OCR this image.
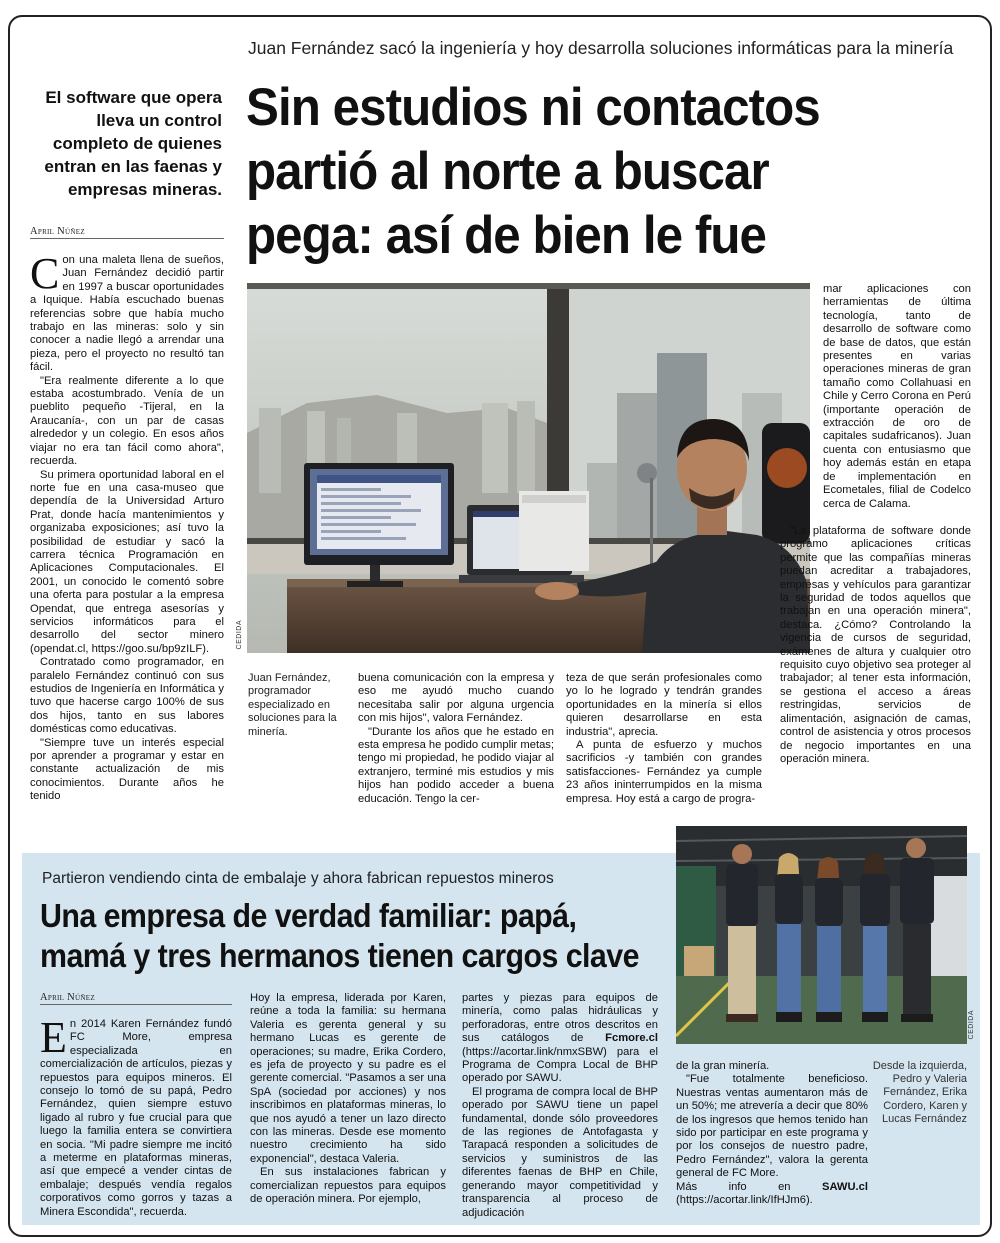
Juan Fernández sacó la ingeniería y hoy desarrolla soluciones informáticas para la minería
Sin estudios ni contactos
partió al norte a buscar
pega: así de bien le fue
El software que opera lleva un control completo de quienes entran en las faenas y empresas mineras.
April Núñez

Con una maleta llena de sueños, Juan Fernández decidió partir en 1997 a buscar oportunidades a Iquique. Había escuchado buenas referencias sobre que había mucho trabajo en las mineras: solo y sin conocer a nadie llegó a arrendar una pieza, pero el proyecto no resultó tan fácil.

"Era realmente diferente a lo que estaba acostumbrado. Venía de un pueblito pequeño -Tijeral, en la Araucanía-, con un par de casas alrededor y un colegio. En esos años viajar no era tan fácil como ahora", recuerda.

Su primera oportunidad laboral en el norte fue en una casa-museo que dependía de la Universidad Arturo Prat, donde hacía mantenimientos y organizaba exposiciones; así tuvo la posibilidad de estudiar y sacó la carrera técnica Programación en Aplicaciones Computacionales. El 2001, un conocido le comentó sobre una oferta para postular a la empresa Opendat, que entrega asesorías y servicios informáticos para el desarrollo del sector minero (opendat.cl, https://goo.su/bp9zILF).

Contratado como programador, en paralelo Fernández continuó con sus estudios de Ingeniería en Informática y tuvo que hacerse cargo 100% de sus dos hijos, tanto en sus labores domésticas como educativas.

"Siempre tuve un interés especial por aprender a programar y estar en constante actualización de mis conocimientos. Durante años he tenido

CEDIDA
Juan Fernández, programador especializado en soluciones para la minería.

buena comunicación con la empresa y eso me ayudó mucho cuando necesitaba salir por alguna urgencia con mis hijos", valora Fernández.

"Durante los años que he estado en esta empresa he podido cumplir metas; tengo mi propiedad, he podido viajar al extranjero, terminé mis estudios y mis hijos han podido acceder a buena educación. Tengo la cer-

teza de que serán profesionales como yo lo he logrado y tendrán grandes oportunidades en la minería si ellos quieren desarrollarse en esta industria", aprecia.

A punta de esfuerzo y muchos sacrificios -y también con grandes satisfacciones- Fernández ya cumple 23 años ininterrumpidos en la misma empresa. Hoy está a cargo de progra-

mar aplicaciones con herramientas de última tecnología, tanto de desarrollo de software como de base de datos, que están presentes en varias operaciones mineras de gran tamaño como Collahuasi en Chile y Cerro Corona en Perú (importante operación de extracción de oro de capitales sudafricanos). Juan cuenta con entusiasmo que hoy además están en etapa de implementación en Ecometales, filial de Codelco cerca de Calama.

"La plataforma de software donde programo aplicaciones críticas permite que las compañías mineras puedan acreditar a trabajadores, empresas y vehículos para garantizar la seguridad de todos aquellos que trabajan en una operación minera", destaca. ¿Cómo? Controlando la vigencia de cursos de seguridad, exámenes de altura y cualquier otro requisito cuyo objetivo sea proteger al trabajador; al tener esta información, se gestiona el acceso a áreas restringidas, servicios de alimentación, asignación de camas, control de asistencia y otros procesos de negocio importantes en una operación minera.

CEDIDA
Partieron vendiendo cinta de embalaje y ahora fabrican repuestos mineros
Una empresa de verdad familiar: papá,
mamá y tres hermanos tienen cargos clave
April Núñez

En 2014 Karen Fernández fundó FC More, empresa especializada en comercialización de artículos, piezas y repuestos para equipos mineros. El consejo lo tomó de su papá, Pedro Fernández, quien siempre estuvo ligado al rubro y fue crucial para que luego la familia entera se convirtiera en socia. "Mi padre siempre me incitó a meterme en plataformas mineras, así que empecé a vender cintas de embalaje; después vendía regalos corporativos como gorros y tazas a Minera Escondida", recuerda.

Hoy la empresa, liderada por Karen, reúne a toda la familia: su hermana Valeria es gerenta general y su hermano Lucas es gerente de operaciones; su madre, Erika Cordero, es jefa de proyecto y su padre es el gerente comercial. "Pasamos a ser una SpA (sociedad por acciones) y nos inscribimos en plataformas mineras, lo que nos ayudó a tener un lazo directo con las mineras. Desde ese momento nuestro crecimiento ha sido exponencial", destaca Valeria.

En sus instalaciones fabrican y comercializan repuestos para equipos de operación minera. Por ejemplo,

partes y piezas para equipos de minería, como palas hidráulicas y perforadoras, entre otros descritos en sus catálogos de Fcmore.cl (https://acortar.link/nmxSBW) para el Programa de Compra Local de BHP operado por SAWU.

El programa de compra local de BHP operado por SAWU tiene un papel fundamental, donde sólo proveedores de las regiones de Antofagasta y Tarapacá responden a solicitudes de servicios y suministros de las diferentes faenas de BHP en Chile, generando mayor competitividad y transparencia al proceso de adjudicación

de la gran minería.

"Fue totalmente beneficioso. Nuestras ventas aumentaron más de un 50%; me atrevería a decir que 80% de los ingresos que hemos tenido han sido por participar en este programa y por los consejos de nuestro padre, Pedro Fernández", valora la gerenta general de FC More.

Más info en SAWU.cl (https://acortar.link/IfHJm6).

Desde la izquierda, Pedro y Valeria Fernández, Erika Cordero, Karen y Lucas Fernández
